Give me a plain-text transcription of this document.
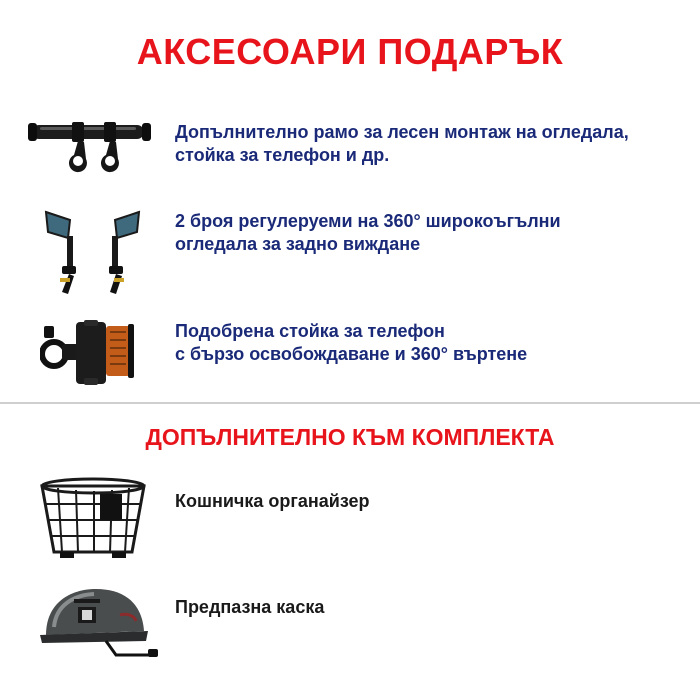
АКСЕСОАРИ ПОДАРЪК
Допълнително рамо за лесен монтаж на огледала,
стойка за телефон и др.
2 броя регулеруеми на 360° широкоъгълни
огледала за задно виждане
Подобрена стойка за телефон
с бързо освобождаване и 360° въртене
ДОПЪЛНИТЕЛНО КЪМ КОМПЛЕКТА
Кошничка органайзер
Предпазна каска
